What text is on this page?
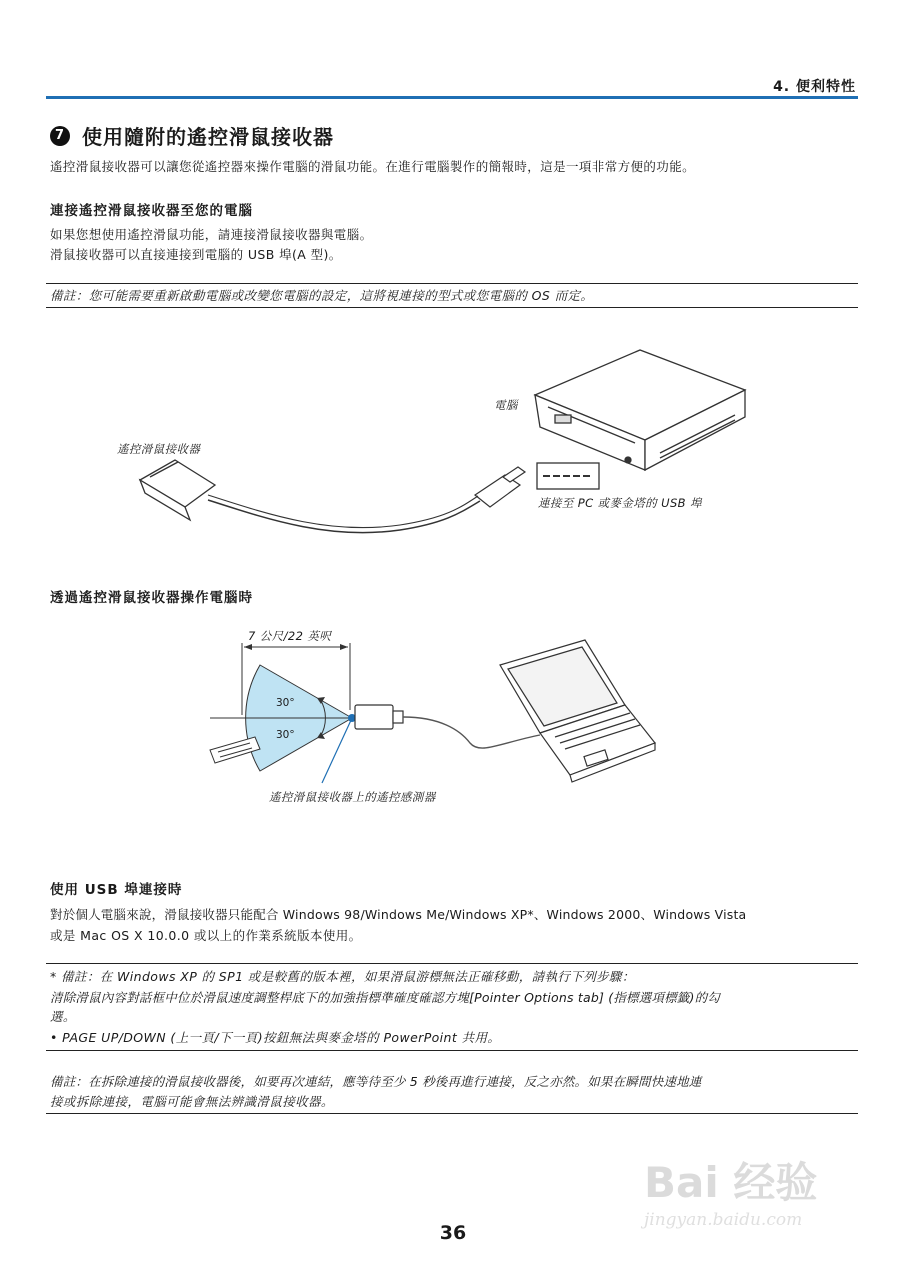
4. 便利特性
7 使用隨附的遙控滑鼠接收器
遙控滑鼠接收器可以讓您從遙控器來操作電腦的滑鼠功能。在進行電腦製作的簡報時，這是一項非常方便的功能。
連接遙控滑鼠接收器至您的電腦
如果您想使用遙控滑鼠功能，請連接滑鼠接收器與電腦。
滑鼠接收器可以直接連接到電腦的 USB 埠(A 型)。
備註：您可能需要重新啟動電腦或改變您電腦的設定，這將視連接的型式或您電腦的 OS 而定。
電腦
遙控滑鼠接收器
連接至 PC 或麥金塔的 USB 埠
透過遙控滑鼠接收器操作電腦時
7 公尺/22 英呎
30°
30°
遙控滑鼠接收器上的遙控感測器
使用 USB 埠連接時
對於個人電腦來說，滑鼠接收器只能配合 Windows 98/Windows Me/Windows XP*、Windows 2000、Windows Vista
或是 Mac OS X 10.0.0 或以上的作業系統版本使用。
* 備註：在 Windows XP 的 SP1 或是較舊的版本裡，如果滑鼠游標無法正確移動，請執行下列步驟：
清除滑鼠內容對話框中位於滑鼠速度調整桿底下的加強指標準確度確認方塊[Pointer Options tab] (指標選項標籤)的勾
選。
• PAGE UP/DOWN (上一頁/下一頁)按鈕無法與麥金塔的 PowerPoint 共用。
備註：在拆除連接的滑鼠接收器後，如要再次連結，應等待至少 5 秒後再進行連接，反之亦然。如果在瞬間快速地連
接或拆除連接，電腦可能會無法辨識滑鼠接收器。
Bai 经验
jingyan.baidu.com
36
